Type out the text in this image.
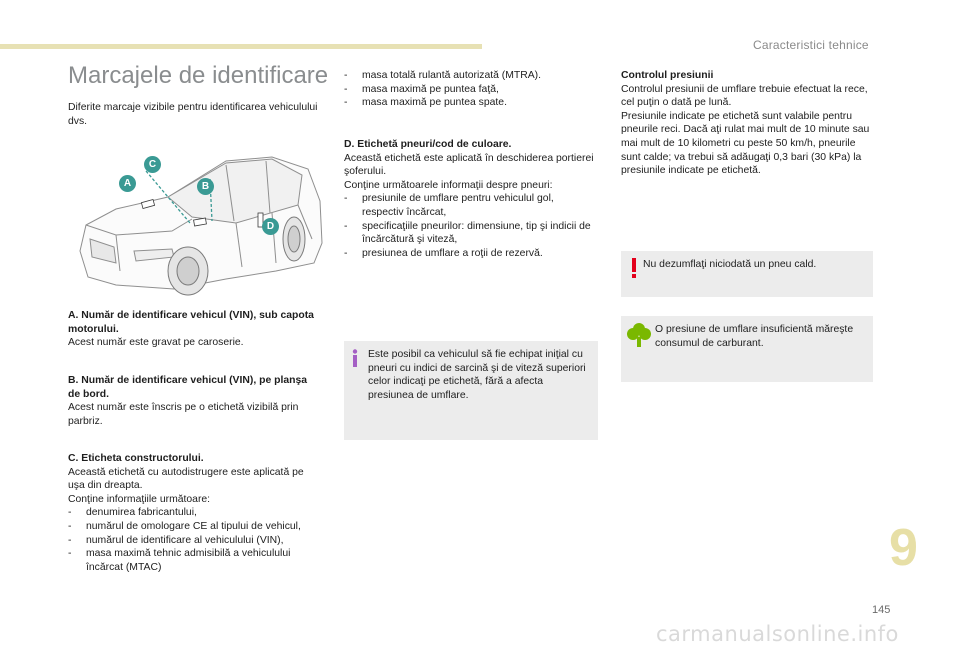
Caracteristici tehnice
Marcajele de identificare

Diferite marcaje vizibile pentru identificarea vehiculului dvs.

A	B
C
D

A. Număr de identificare vehicul (VIN), sub capota motorului.

Acest număr este gravat pe caroserie.

B. Număr de identificare vehicul (VIN), pe planşa de bord.

Acest număr este înscris pe o etichetă vizibilă prin parbriz.

C. Eticheta constructorului.

Această etichetă cu autodistrugere este aplicată pe uşa din dreapta.

Conţine informaţiile următoare:

-	denumirea fabricantului,
-	numărul de omologare CE al tipului de vehicul,
-	numărul de identificare al vehiculului (VIN),
-	masa maximă tehnic admisibilă a vehiculului încărcat (MTAC)
-	masa totală rulantă autorizată (MTRA).
-	masa maximă pe puntea faţă,
-	masa maximă pe puntea spate.

D. Etichetă pneuri/cod de culoare.

Această etichetă este aplicată în deschiderea portierei şoferului.

Conţine următoarele informaţii despre pneuri:

-	presiunile de umflare pentru vehiculul gol, respectiv încărcat,
-	specificaţiile pneurilor: dimensiune, tip şi indicii de încărcătură şi viteză,
-	presiunea de umflare a roţii de rezervă.
Este posibil ca vehiculul să fie echipat iniţial cu pneuri cu indici de sarcină şi de viteză superiori celor indicaţi pe etichetă, fără a afecta presiunea de umflare.

Controlul presiunii

Controlul presiunii de umflare trebuie efectuat la rece, cel puţin o dată pe lună.

Presiunile indicate pe etichetă sunt valabile pentru pneurile reci. Dacă aţi rulat mai mult de 10 minute sau mai mult de 10 kilometri cu peste 50 km/h, pneurile sunt calde; va trebui să adăugaţi 0,3 bari (30 kPa) la presiunile indicate pe etichetă.

Nu dezumflaţi niciodată un pneu cald.
O presiune de umflare insuficientă măreşte consumul de carburant.
9
145
carmanualsonline.info
